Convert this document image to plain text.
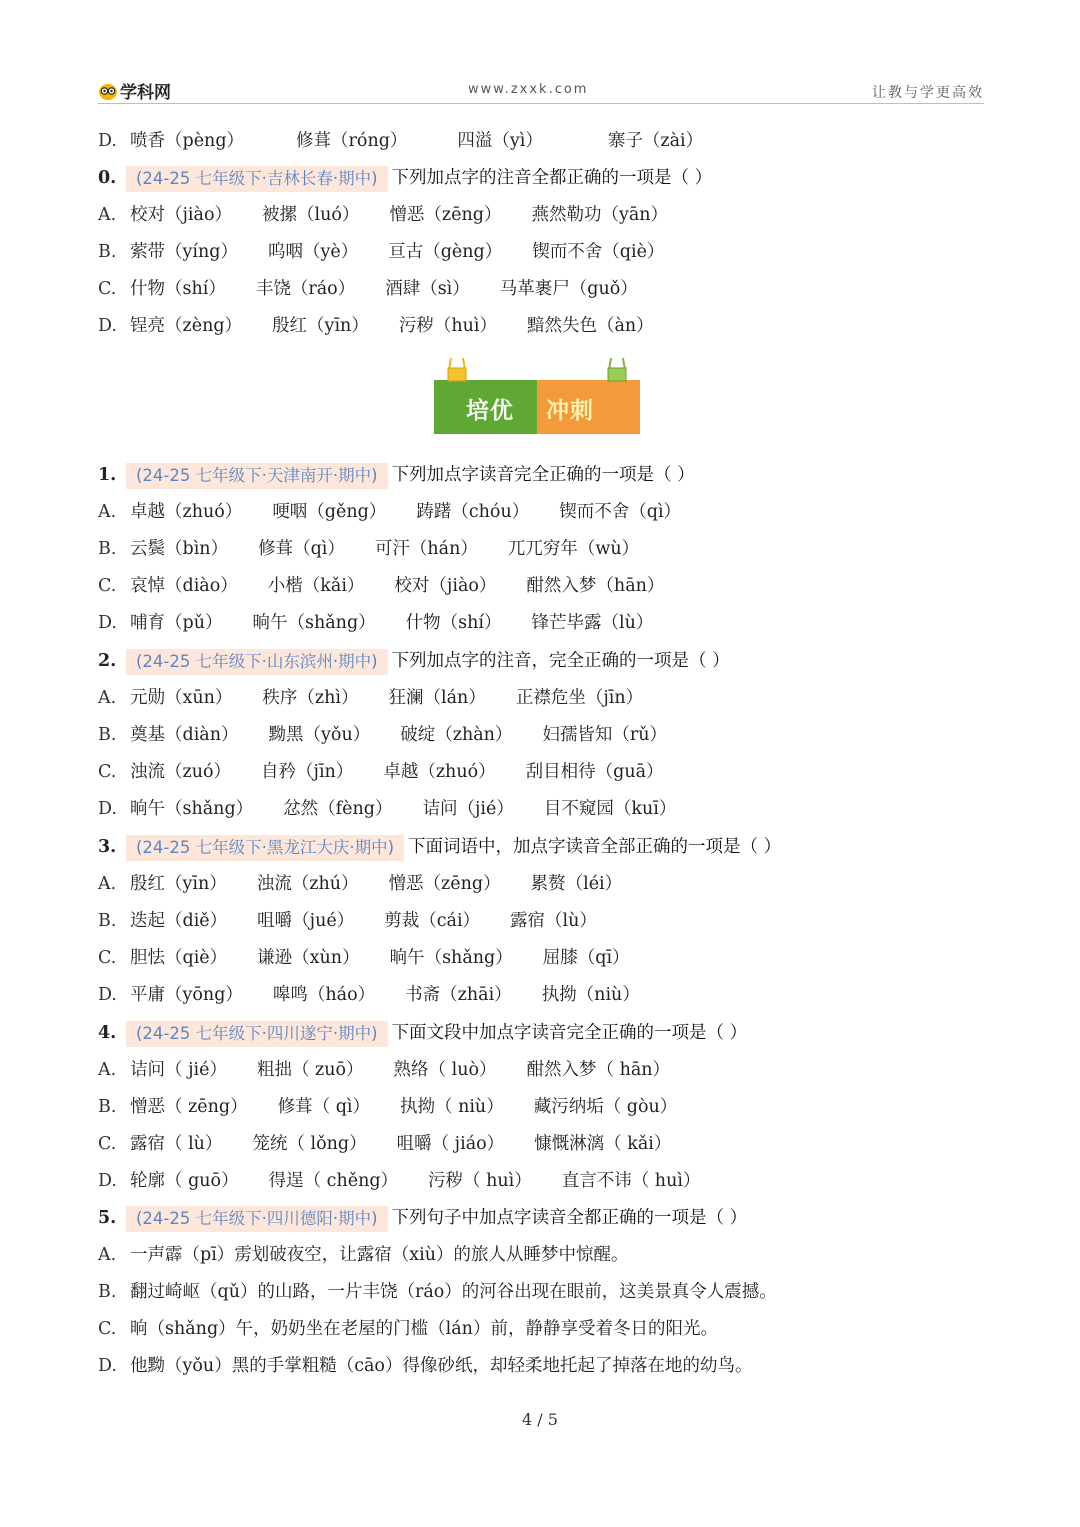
学科网	www.zxxk.com	让教与学更高效
D. 喷香（pèng）	修葺（róng）	四溢（yì）	寨子（zài）
0. (24-25 七年级下·吉林长春·期中) 下列加点字的注音全都正确的一项是（ ）
A. 校对（jiào） 被摞（luó） 憎恶（zēng） 燕然勒功（yān）
B. 萦带（yíng） 呜咽（yè） 亘古（gèng） 锲而不舍（qiè）
C. 什物（shí） 丰饶（ráo） 酒肆（sì） 马革裹尸（guǒ）
D. 锃亮（zèng） 殷红（yīn） 污秽（huì） 黯然失色（àn）
培优 冲刺
1. (24-25 七年级下·天津南开·期中) 下列加点字读音完全正确的一项是（ ）
A. 卓越（zhuó） 哽咽（gěng） 踌躇（chóu） 锲而不舍（qì）
B. 云鬓（bìn） 修葺（qì） 可汗（hán） 兀兀穷年（wù）
C. 哀悼（diào） 小楷（kǎi） 校对（jiào） 酣然入梦（hān）
D. 哺育（pǔ） 晌午（shǎng） 什物（shí） 锋芒毕露（lù）
2. (24-25 七年级下·山东滨州·期中) 下列加点字的注音，完全正确的一项是（ ）
A. 元勋（xūn） 秩序（zhì） 狂澜（lán） 正襟危坐（jīn）
B. 奠基（diàn） 黝黑（yǒu） 破绽（zhàn） 妇孺皆知（rǔ）
C. 浊流（zuó） 自矜（jīn） 卓越（zhuó） 刮目相待（guā）
D. 晌午（shǎng） 忿然（fèng） 诘问（jié） 目不窥园（kuī）
3. (24-25 七年级下·黑龙江大庆·期中) 下面词语中，加点字读音全部正确的一项是（ ）
A. 殷红（yīn） 浊流（zhú） 憎恶（zēng） 累赘（léi）
B. 迭起（diě） 咀嚼（jué） 剪裁（cái） 露宿（lù）
C. 胆怯（qiè） 谦逊（xùn） 晌午（shǎng） 屈膝（qī）
D. 平庸（yōng） 嗥鸣（háo） 书斋（zhāi） 执拗（niù）
4. (24-25 七年级下·四川遂宁·期中) 下面文段中加点字读音完全正确的一项是（ ）
A. 诘问（ jié） 粗拙（ zuō） 熟络（ luò） 酣然入梦（ hān）
B. 憎恶（ zēng） 修葺（ qì） 执拗（ niù） 藏污纳垢（ gòu）
C. 露宿（ lù） 笼统（ lǒng） 咀嚼（ jiáo） 慷慨淋漓（ kǎi）
D. 轮廓（ guō） 得逞（ chěng） 污秽（ huì） 直言不讳（ huì）
5. (24-25 七年级下·四川德阳·期中) 下列句子中加点字读音全都正确的一项是（ ）
A. 一声霹（pī）雳划破夜空，让露宿（xiù）的旅人从睡梦中惊醒。
B. 翻过崎岖（qǔ）的山路，一片丰饶（ráo）的河谷出现在眼前，这美景真令人震撼。
C. 晌（shǎng）午，奶奶坐在老屋的门槛（lán）前，静静享受着冬日的阳光。
D. 他黝（yǒu）黑的手掌粗糙（cāo）得像砂纸，却轻柔地托起了掉落在地的幼鸟。
4 / 5
